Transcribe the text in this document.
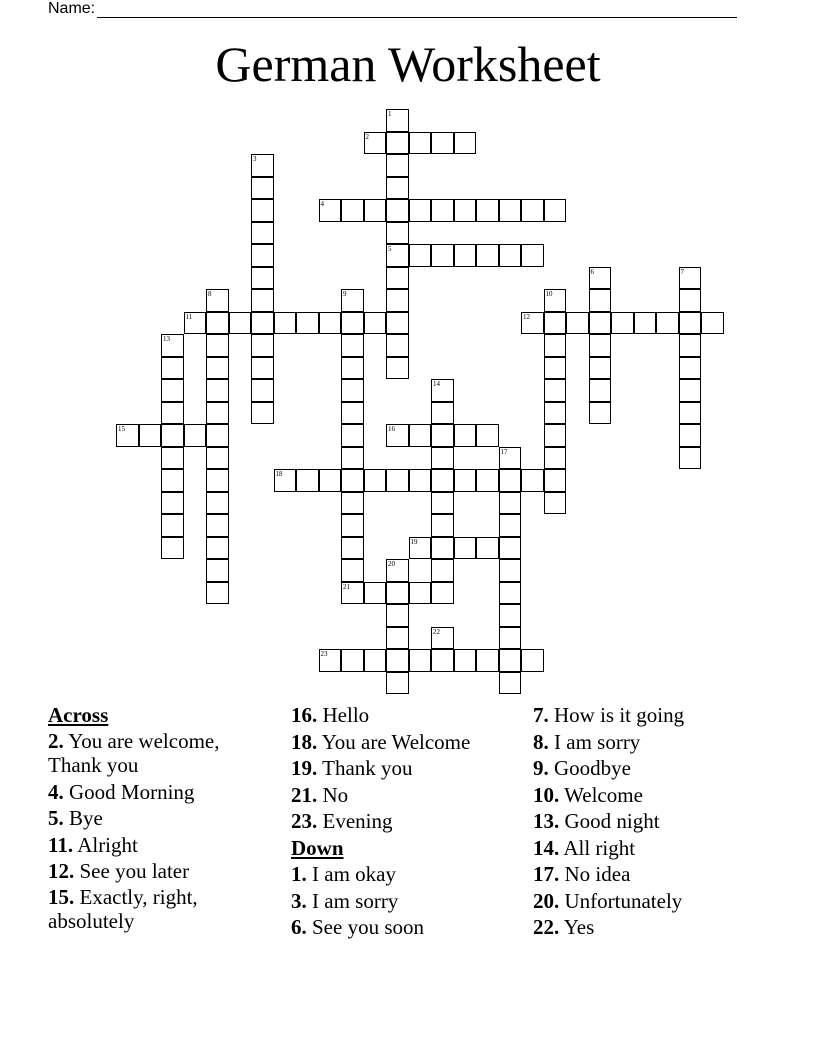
Name:
German Worksheet
2
4
5
11	12
15	16
18
19
21
23
1
3
6	7
8	9	10
13
14
17
20
22

Across

2. You are welcome, Thank you

4. Good Morning

5. Bye

11. Alright

12. See you later

15. Exactly, right, absolutely

16. Hello

18. You are Welcome

19. Thank you

21. No

23. Evening

Down

1. I am okay

3. I am sorry

6. See you soon

7. How is it going

8. I am sorry

9. Goodbye

10. Welcome

13. Good night

14. All right

17. No idea

20. Unfortunately

22. Yes
